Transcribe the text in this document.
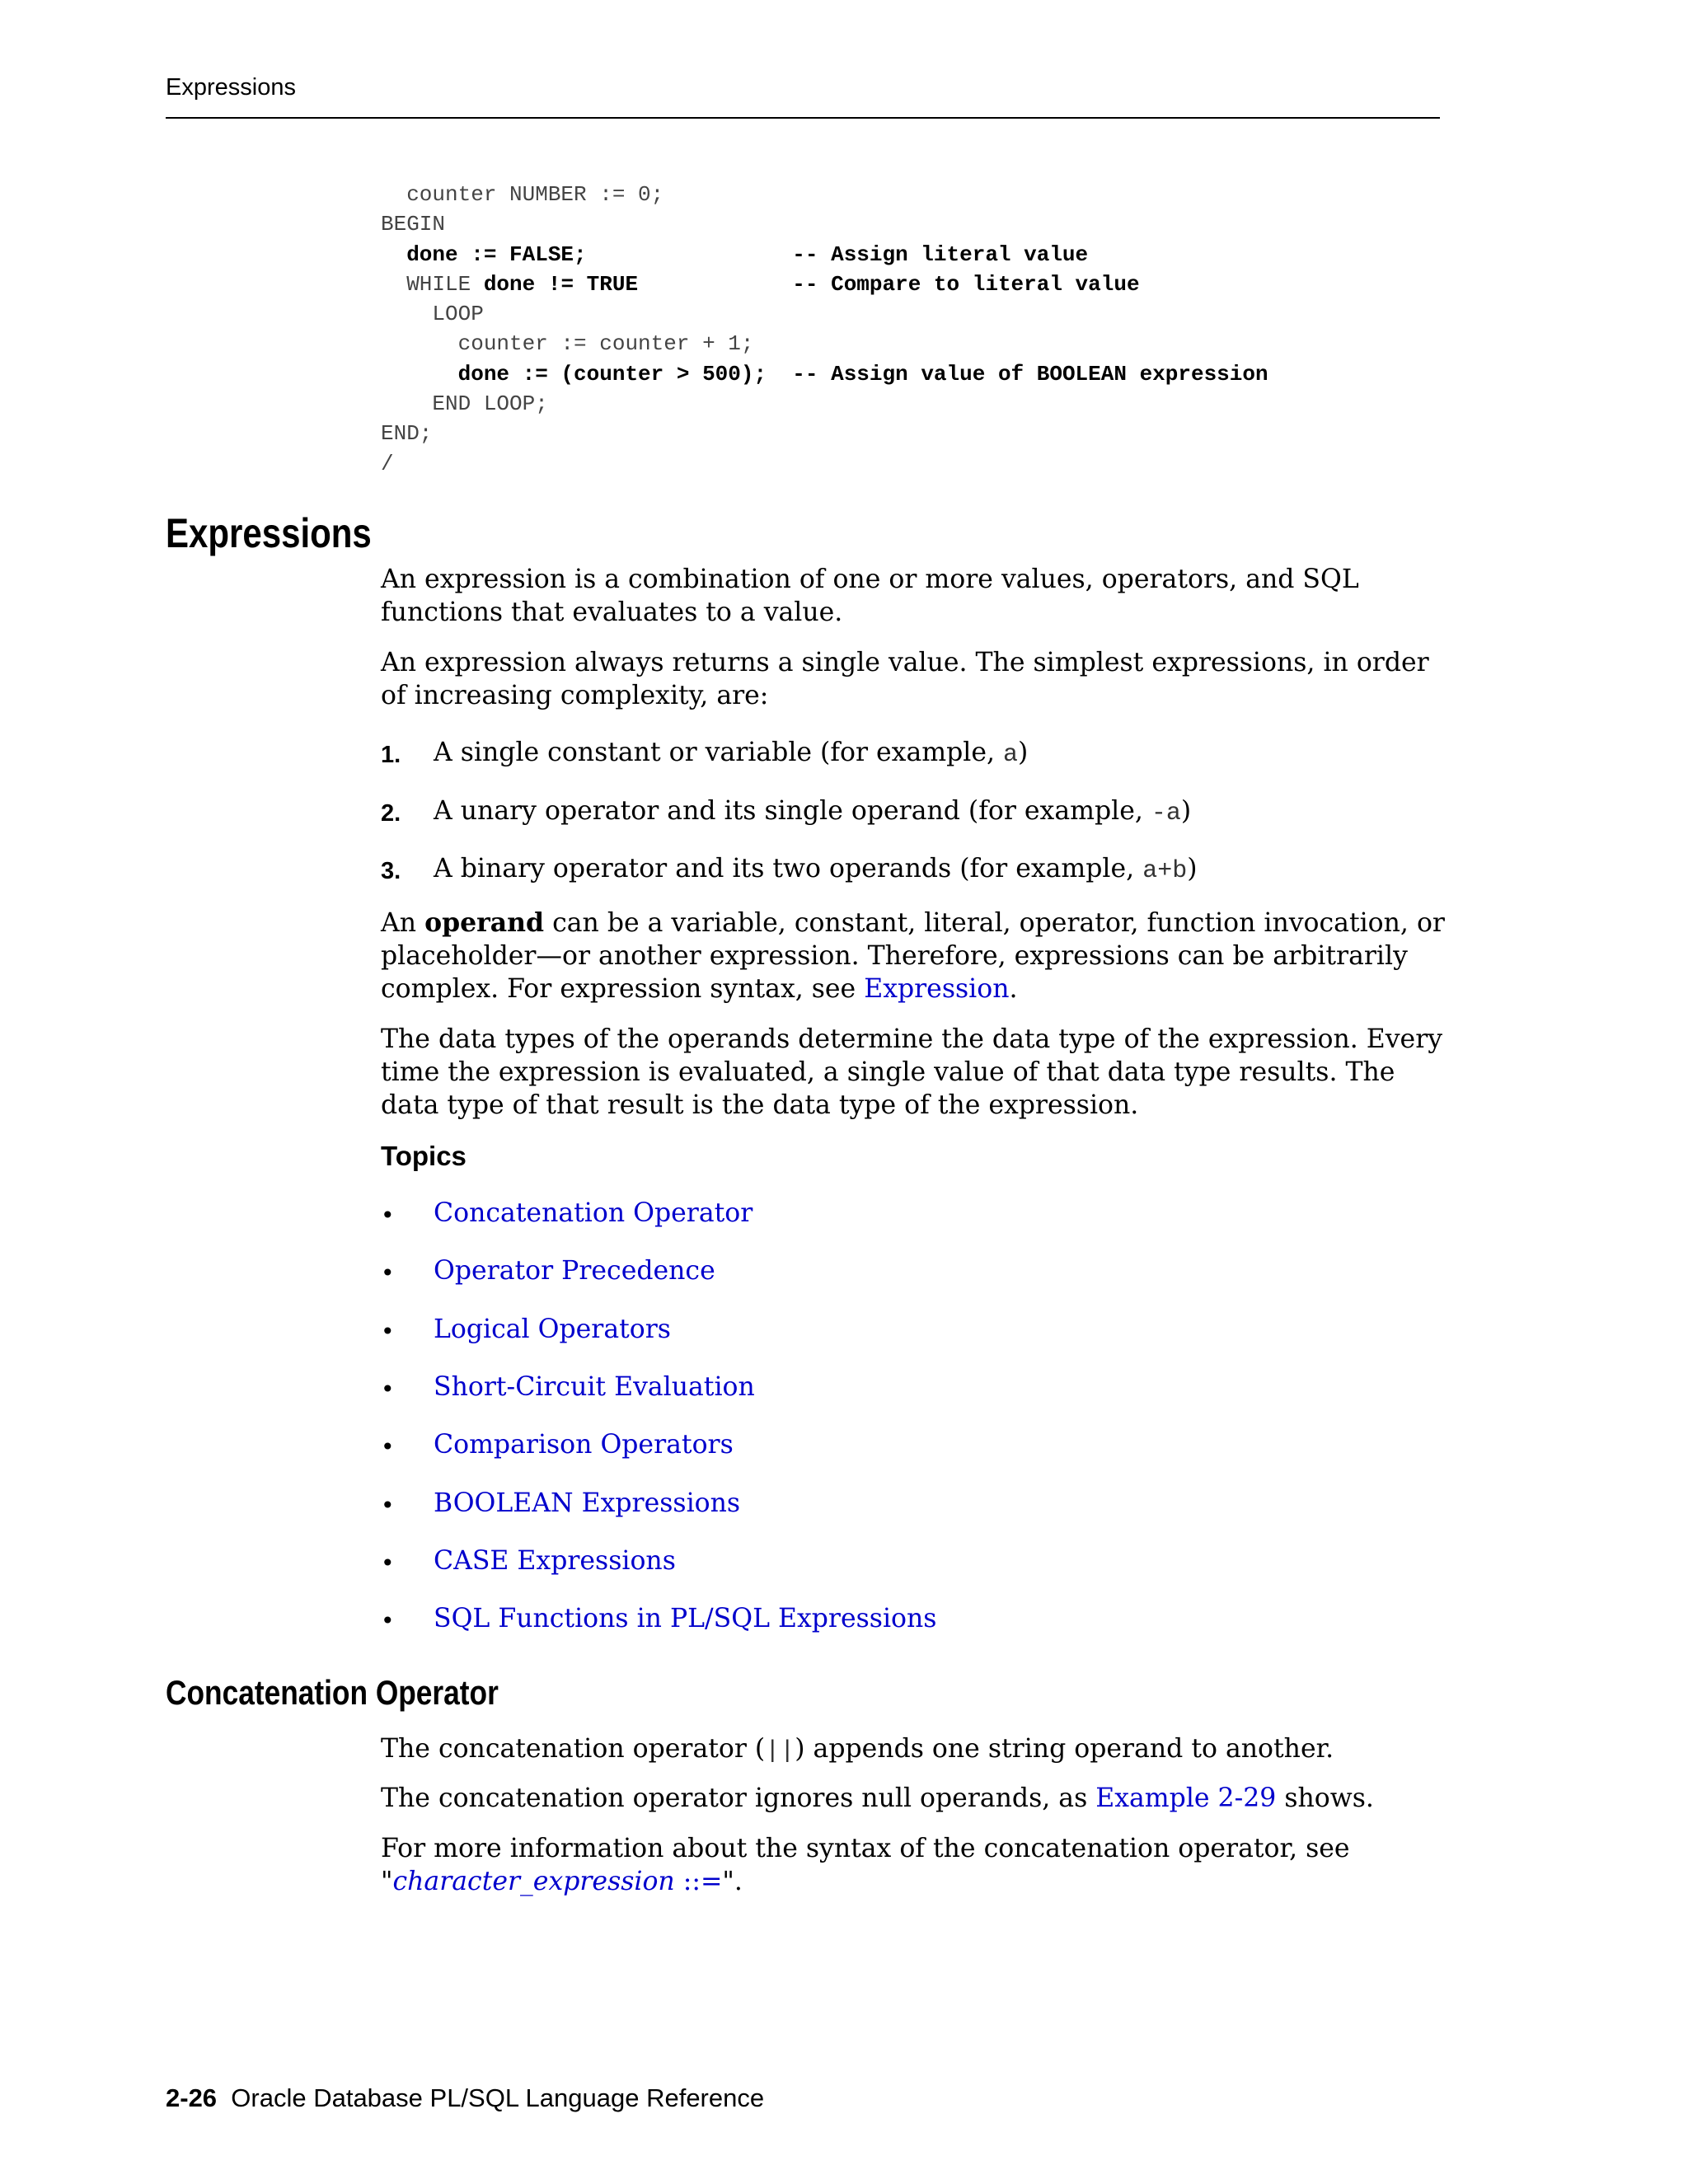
Expressions
counter NUMBER := 0;
BEGIN
done := FALSE;	-- Assign literal value
WHILE done != TRUE	-- Compare to literal value
LOOP
counter := counter + 1;
done := (counter > 500); -- Assign value of BOOLEAN expression
END LOOP;
END;
/
Expressions

An expression is a combination of one or more values, operators, and SQL functions that evaluates to a value.

An expression always returns a single value. The simplest expressions, in order of increasing complexity, are:

1. A single constant or variable (for example, a)
2. A unary operator and its single operand (for example, -a)
3. A binary operator and its two operands (for example, a+b)

An operand can be a variable, constant, literal, operator, function invocation, or placeholder—or another expression. Therefore, expressions can be arbitrarily complex. For expression syntax, see Expression.

The data types of the operands determine the data type of the expression. Every time the expression is evaluated, a single value of that data type results. The data type of that result is the data type of the expression.

Topics
• Concatenation Operator
• Operator Precedence
• Logical Operators
• Short-Circuit Evaluation
• Comparison Operators
• BOOLEAN Expressions
• CASE Expressions
• SQL Functions in PL/SQL Expressions
Concatenation Operator

The concatenation operator (||) appends one string operand to another.

The concatenation operator ignores null operands, as Example 2-29 shows.

For more information about the syntax of the concatenation operator, see "character_expression ::=".

2-26 Oracle Database PL/SQL Language Reference
